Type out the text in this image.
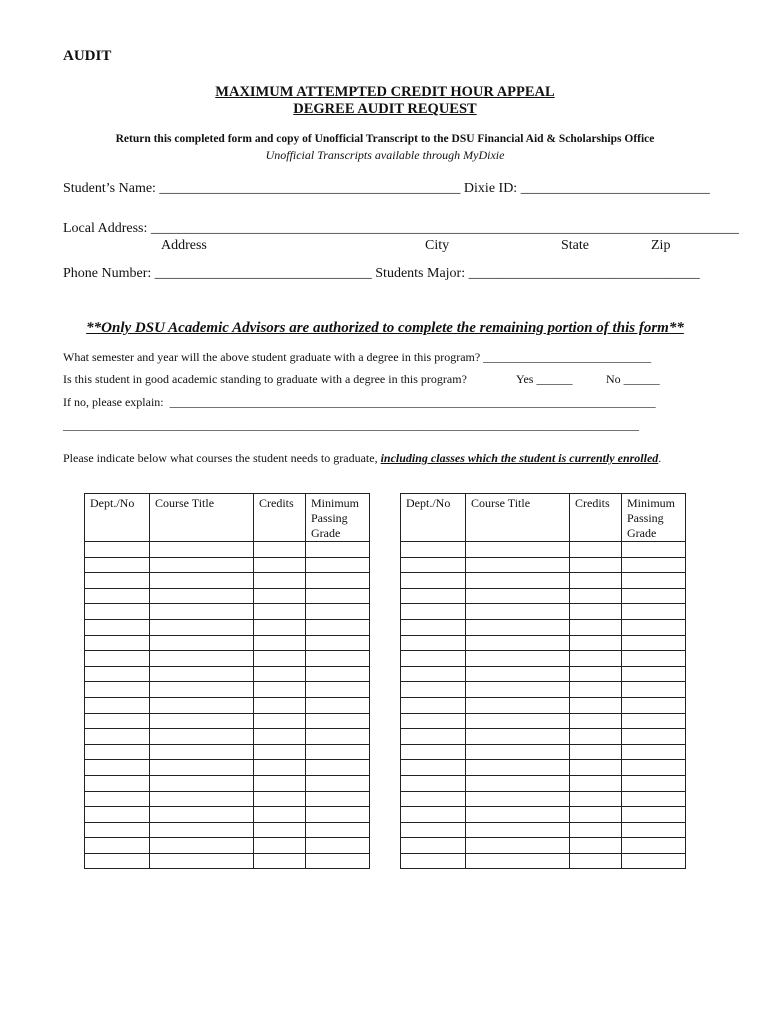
AUDIT
MAXIMUM ATTEMPTED CREDIT HOUR APPEAL
DEGREE AUDIT REQUEST
Return this completed form and copy of Unofficial Transcript to the DSU Financial Aid & Scholarships Office
Unofficial Transcripts available through MyDixie
Student’s Name: ___________________________________________ Dixie ID: ___________________________
Local Address: ____________________________________________________________________________________
Address	City	State	Zip
Phone Number: _______________________________ Students Major: _________________________________
**Only DSU Academic Advisors are authorized to complete the remaining portion of this form**
What semester and year will the above student graduate with a degree in this program? ____________________________
Is this student in good academic standing to graduate with a degree in this program?	Yes ______	No ______
If no, please explain:  _________________________________________________________________________________
________________________________________________________________________________________________
Please indicate below what courses the student needs to graduate, including classes which the student is currently enrolled.
Dept./No	Course Title	Credits	Minimum
Passing
Grade

Dept./No	Course Title	Credits	Minimum
Passing
Grade
